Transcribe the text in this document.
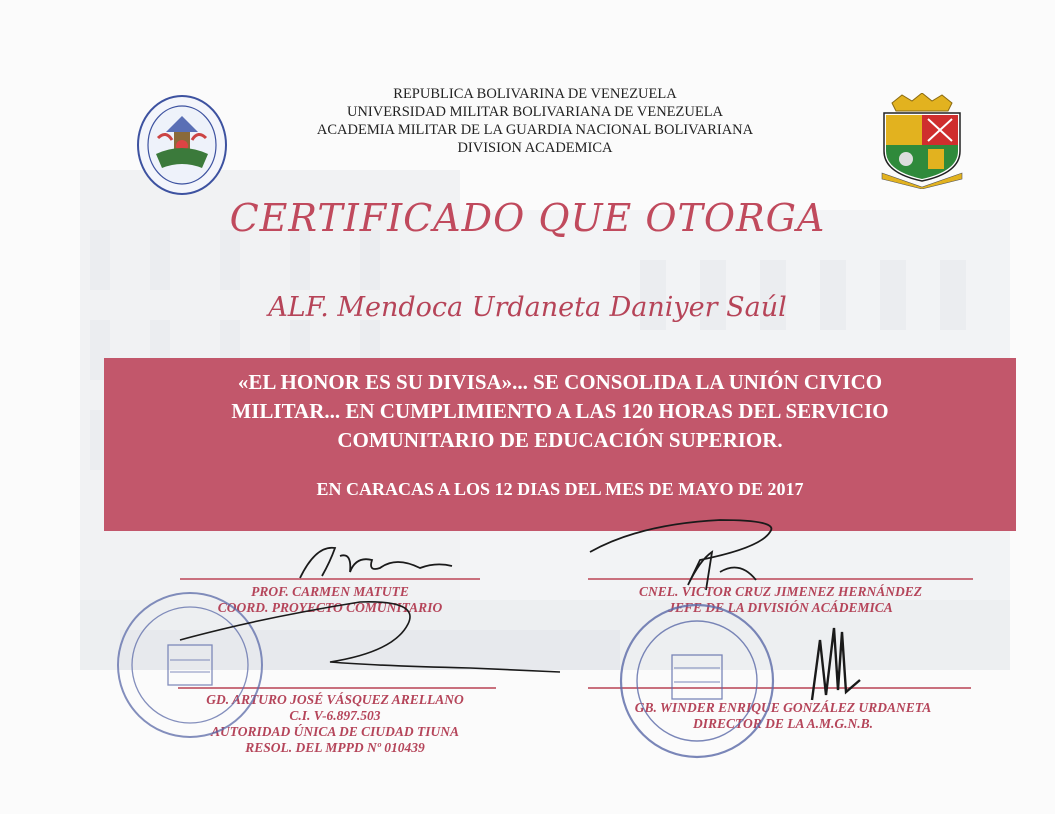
REPUBLICA BOLIVARINA DE VENEZUELA
UNIVERSIDAD MILITAR BOLIVARIANA DE VENEZUELA
ACADEMIA MILITAR DE LA GUARDIA NACIONAL BOLIVARIANA
DIVISION ACADEMICA
CERTIFICADO QUE OTORGA
ALF. Mendoca Urdaneta Daniyer Saúl
«EL HONOR ES SU DIVISA»... SE CONSOLIDA LA UNIÓN CIVICO
MILITAR... EN CUMPLIMIENTO A LAS 120 HORAS DEL SERVICIO
COMUNITARIO DE EDUCACIÓN SUPERIOR.
EN CARACAS A LOS 12 DIAS DEL MES DE MAYO DE 2017
PROF. CARMEN MATUTE
COORD. PROYECTO COMUNITARIO
CNEL. VICTOR CRUZ JIMENEZ HERNÁNDEZ
JEFE DE LA DIVISIÓN ACÁDEMICA
GD. ARTURO JOSÉ VÁSQUEZ ARELLANO
C.I. V-6.897.503
AUTORIDAD ÚNICA DE CIUDAD TIUNA
RESOL. DEL MPPD Nº 010439
GB. WINDER ENRIQUE GONZÁLEZ URDANETA
DIRECTOR DE LA A.M.G.N.B.
